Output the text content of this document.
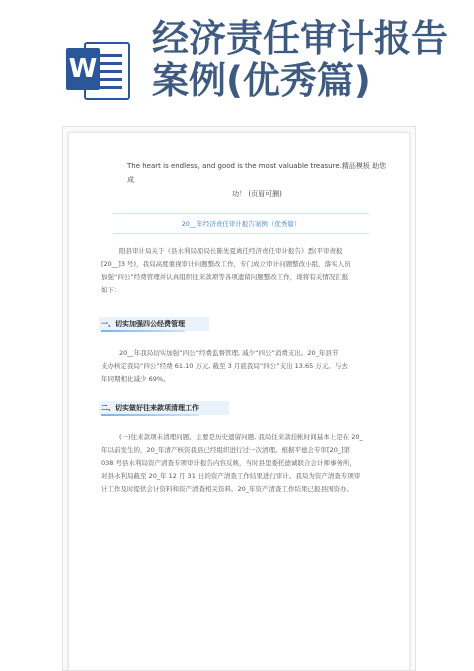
W
经济责任审计报告
案例(优秀篇)
The heart is endless, and good is the most valuable treasure.精品模板 助您成
功！ (页眉可删)
20__年经济责任审计报告案例（优秀篇）
阳县审计局关于《县水利局原局长陈先夏离任经济责任审计报告》悉(平审责报
[20__]3 号)，我局高度重视审计问题整改工作，专门成立审计问题整改小组，落实人员
加强“四公”经费管理并认真组织往来款项等各项遗留问题整改工作，现将有关情况汇报
如下：
一、切实加强四公经费管理
20__年我局切实加强“四公”经费监督管理, 减少“四公”消费支出。20_年县节
支办核定我局“四公”经费 61.10 万元, 截至 3 月底我局“四公”支出 13.65 万元。与去
年同期相比减少 69%。
二、切实做好往来款项清理工作
(一)往来款项未清理问题。主要是历史遗留问题, 我局往来款挂帐时间基本上是在 20_
年以前发生的，20_年清产核资我县已经组织进行过一次清理。根据平德会专审[20_]第
038 号县水利局资产清查专项审计报告内容反映，当时县里委托德诚联合会计师事务所，
对县水利局截至 20_年 12 月 31 日的资产清查工作结果进行审计。我局为资产清查专项审
计工作及时提供会计资料和资产清查相关资料。20_年资产清查工作结果已报县国资办。
